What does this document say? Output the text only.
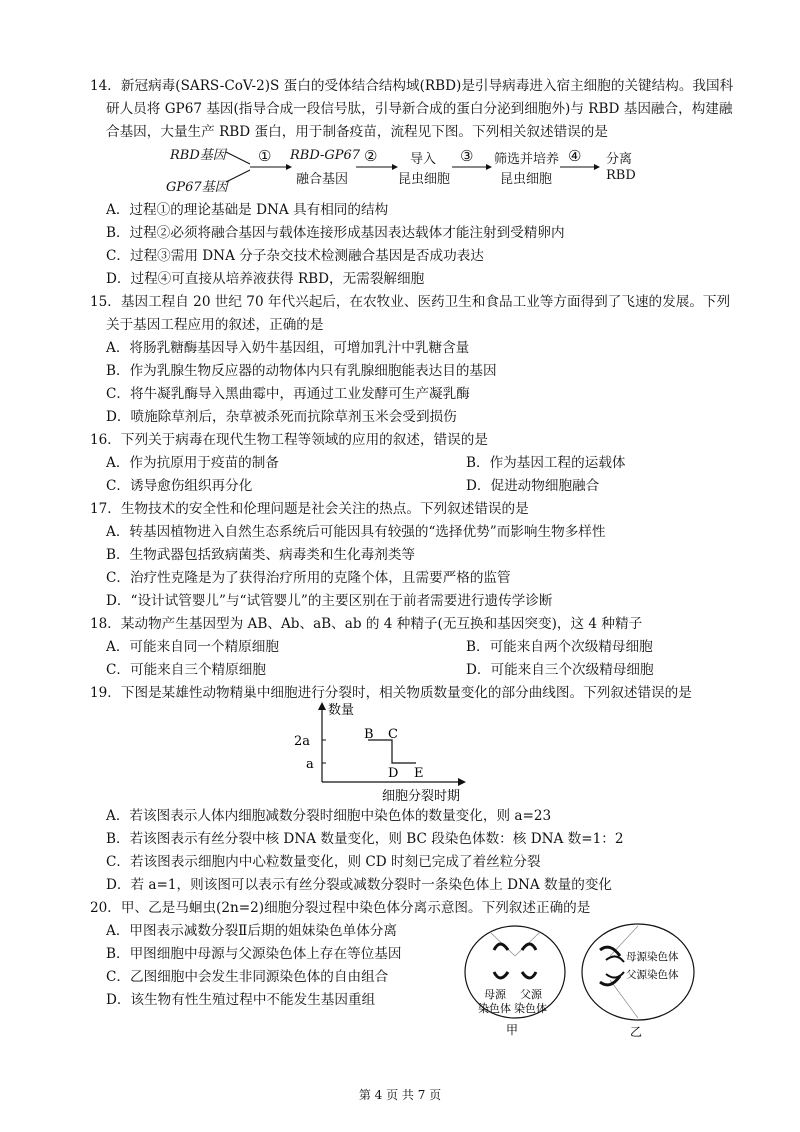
14．新冠病毒(SARS-CoV-2)S 蛋白的受体结合结构域(RBD)是引导病毒进入宿主细胞的关键结构。我国科
研人员将 GP67 基因(指导合成一段信号肽，引导新合成的蛋白分泌到细胞外)与 RBD 基因融合，构建融
合基因，大量生产 RBD 蛋白，用于制备疫苗，流程见下图。下列相关叙述错误的是
RBD基因
GP67基因
① RBD-GP67
融合基因
②	导入
昆虫细胞
③ 筛选并培养
昆虫细胞
④ 分离
RBD
A．过程①的理论基础是 DNA 具有相同的结构
B．过程②必须将融合基因与载体连接形成基因表达载体才能注射到受精卵内
C．过程③需用 DNA 分子杂交技术检测融合基因是否成功表达
D．过程④可直接从培养液获得 RBD，无需裂解细胞
15．基因工程自 20 世纪 70 年代兴起后，在农牧业、医药卫生和食品工业等方面得到了飞速的发展。下列
关于基因工程应用的叙述，正确的是
A．将肠乳糖酶基因导入奶牛基因组，可增加乳汁中乳糖含量
B．作为乳腺生物反应器的动物体内只有乳腺细胞能表达目的基因
C．将牛凝乳酶导入黑曲霉中，再通过工业发酵可生产凝乳酶
D．喷施除草剂后，杂草被杀死而抗除草剂玉米会受到损伤
16．下列关于病毒在现代生物工程等领域的应用的叙述，错误的是
A．作为抗原用于疫苗的制备	B．作为基因工程的运载体
C．诱导愈伤组织再分化	D．促进动物细胞融合
17．生物技术的安全性和伦理问题是社会关注的热点。下列叙述错误的是
A．转基因植物进入自然生态系统后可能因具有较强的“选择优势”而影响生物多样性
B．生物武器包括致病菌类、病毒类和生化毒剂类等
C．治疗性克隆是为了获得治疗所用的克隆个体，且需要严格的监管
D．“设计试管婴儿”与“试管婴儿”的主要区别在于前者需要进行遗传学诊断
18．某动物产生基因型为 AB、Ab、aB、ab 的 4 种精子(无互换和基因突变)，这 4 种精子
A．可能来自同一个精原细胞	B．可能来自两个次级精母细胞
C．可能来自三个精原细胞	D．可能来自三个次级精母细胞
19．下图是某雄性动物精巢中细胞进行分裂时，相关物质数量变化的部分曲线图。下列叙述错误的是
数量
2a
a
B C
D E
细胞分裂时期
A．若该图表示人体内细胞减数分裂时细胞中染色体的数量变化，则 a=23
B．若该图表示有丝分裂中核 DNA 数量变化，则 BC 段染色体数：核 DNA 数=1：2
C．若该图表示细胞内中心粒数量变化，则 CD 时刻已完成了着丝粒分裂
D．若 a=1，则该图可以表示有丝分裂或减数分裂时一条染色体上 DNA 数量的变化
20．甲、乙是马蛔虫(2n=2)细胞分裂过程中染色体分离示意图。下列叙述正确的是
A．甲图表示减数分裂Ⅱ后期的姐妹染色单体分离
B．甲图细胞中母源与父源染色体上存在等位基因
C．乙图细胞中会发生非同源染色体的自由组合
D．该生物有性生殖过程中不能发生基因重组	母源
染色体
父源
染色体
甲
母源染色体
父源染色体
乙
第 4 页 共 7 页
